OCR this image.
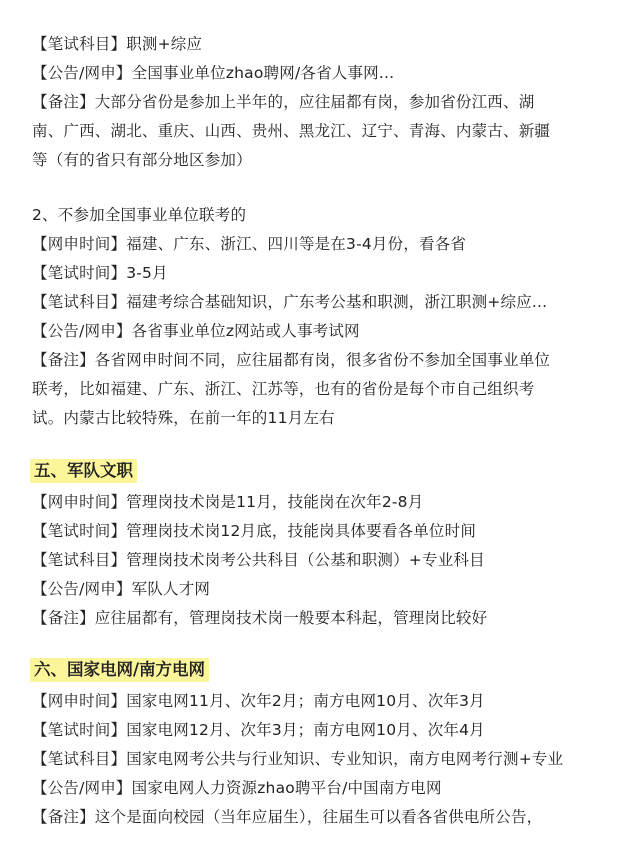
【笔试科目】职测+综应
【公告/网申】全国事业单位zhao聘网/各省人事网...
【备注】大部分省份是参加上半年的，应往届都有岗，参加省份江西、湖
南、广西、湖北、重庆、山西、贵州、黑龙江、辽宁、青海、内蒙古、新疆
等（有的省只有部分地区参加）
2、不参加全国事业单位联考的
【网申时间】福建、广东、浙江、四川等是在3-4月份，看各省
【笔试时间】3-5月
【笔试科目】福建考综合基础知识，广东考公基和职测，浙江职测+综应...
【公告/网申】各省事业单位z网站或人事考试网
【备注】各省网申时间不同，应往届都有岗，很多省份不参加全国事业单位
联考，比如福建、广东、浙江、江苏等，也有的省份是每个市自己组织考
试。内蒙古比较特殊，在前一年的11月左右
五、军队文职
【网申时间】管理岗技术岗是11月，技能岗在次年2-8月
【笔试时间】管理岗技术岗12月底，技能岗具体要看各单位时间
【笔试科目】管理岗技术岗考公共科目（公基和职测）+专业科目
【公告/网申】军队人才网
【备注】应往届都有，管理岗技术岗一般要本科起，管理岗比较好
六、国家电网/南方电网
【网申时间】国家电网11月、次年2月；南方电网10月、次年3月
【笔试时间】国家电网12月、次年3月；南方电网10月、次年4月
【笔试科目】国家电网考公共与行业知识、专业知识，南方电网考行测+专业
【公告/网申】国家电网人力资源zhao聘平台/中国南方电网
【备注】这个是面向校园（当年应届生），往届生可以看各省供电所公告，
